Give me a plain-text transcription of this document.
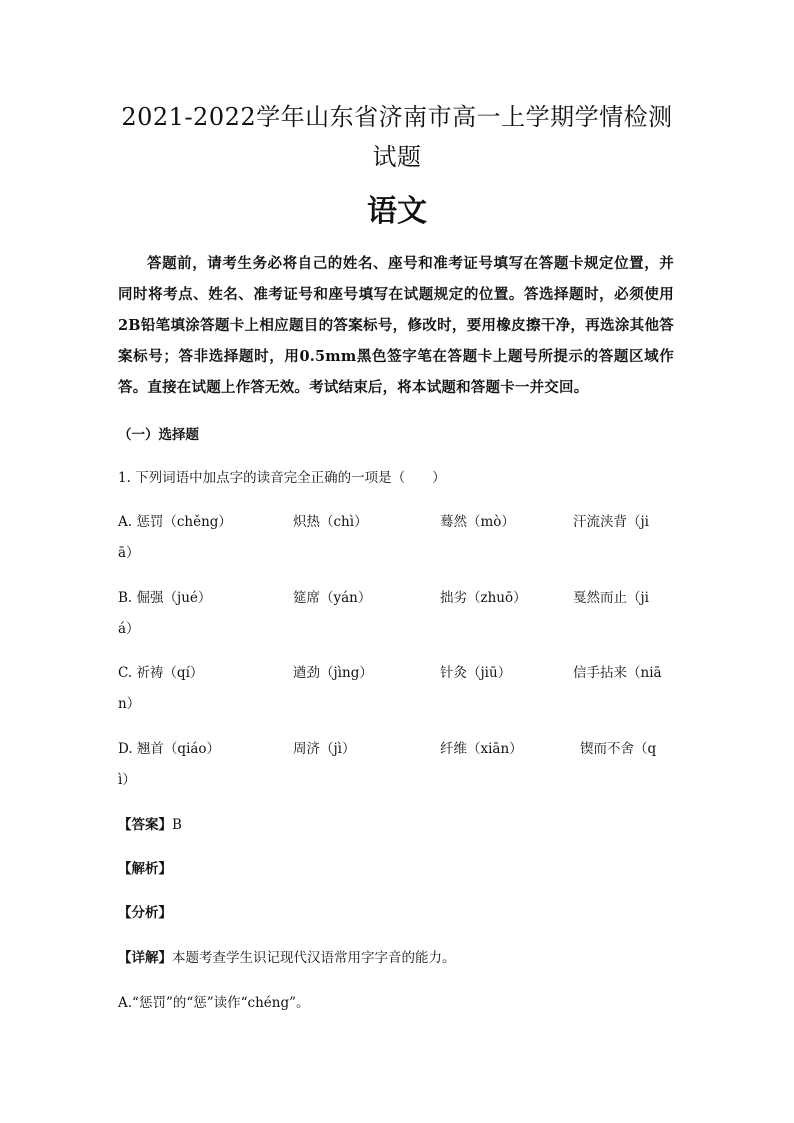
2021-2022学年山东省济南市高一上学期学情检测
试题
语文
答题前，请考生务必将自己的姓名、座号和准考证号填写在答题卡规定位置，并同时将考点、姓名、准考证号和座号填写在试题规定的位置。答选择题时，必须使用2B铅笔填涂答题卡上相应题目的答案标号，修改时，要用橡皮擦干净，再选涂其他答案标号；答非选择题时，用0.5mm黑色签字笔在答题卡上题号所提示的答题区域作答。直接在试题上作答无效。考试结束后，将本试题和答题卡一并交回。
（一）选择题
1. 下列词语中加点字的读音完全正确的一项是（　　）
A. 惩罚（chěng）	炽热（chì）	蓦然（mò）	汗流浃背（ji
ā）
B. 倔强（jué）	筵席（yán）	拙劣（zhuō）	戛然而止（ji
á）
C. 祈祷（qí）	遒劲（jìng）	针灸（jiū）	信手拈来（niā
n）
D. 翘首（qiáo）	周济（jì）	纤维（xiān）	锲而不舍（q
ì）
【答案】B
【解析】
【分析】
【详解】本题考查学生识记现代汉语常用字字音的能力。
A.“惩罚”的“惩”读作“chéng”。
